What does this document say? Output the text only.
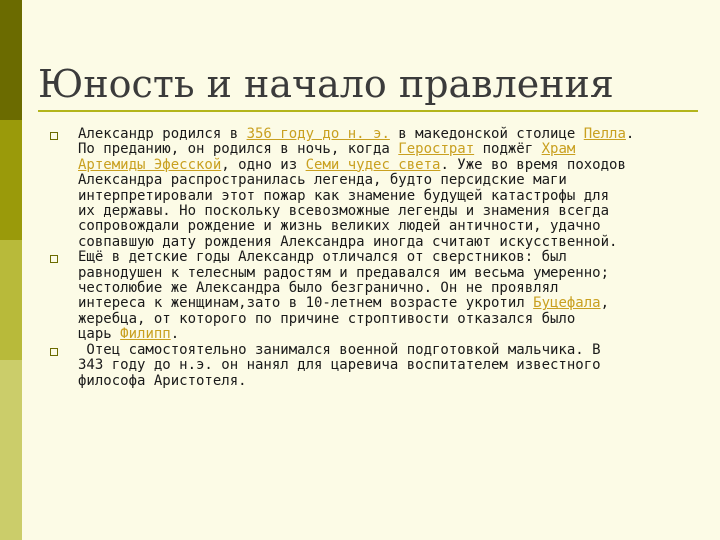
Юность и начало правления
Александр родился в 356 году до н. э. в македонской столице Пелла.
По преданию, он родился в ночь, когда Герострат поджёг Храм
Артемиды Эфесской, одно из Семи чудес света. Уже во время походов
Александра распространилась легенда, будто персидские маги
интерпретировали этот пожар как знамение будущей катастрофы для
их державы. Но поскольку всевозможные легенды и знамения всегда
сопровождали рождение и жизнь великих людей античности, удачно
совпавшую дату рождения Александра иногда считают искусственной.
Ещё в детские годы Александр отличался от сверстников: был
равнодушен к телесным радостям и предавался им весьма умеренно;
честолюбие же Александра было безгранично. Он не проявлял
интереса к женщинам,зато в 10-летнем возрасте укротил Буцефала,
жеребца, от которого по причине строптивости отказался было
царь Филипп.
Отец самостоятельно занимался военной подготовкой мальчика. В
343 году до н.э. он нанял для царевича воспитателем известного
философа Аристотеля.
